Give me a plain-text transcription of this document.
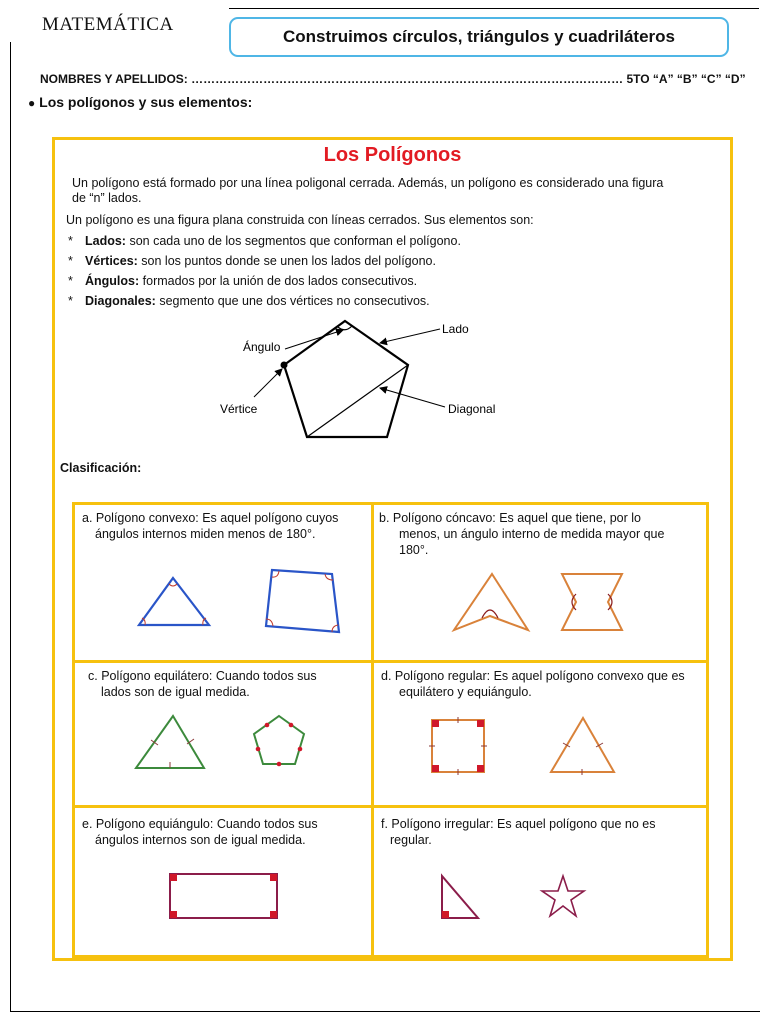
MATEMÁTICA
Construimos círculos, triángulos y cuadriláteros
NOMBRES Y APELLIDOS: ……………………………………………………………………………………………… 5TO “A” “B” “C” “D”
● Los polígonos y sus elementos:
Los Polígonos
Un polígono está formado por una línea poligonal cerrada. Además, un polígono es considerado una figura
de “n” lados.
Un polígono es una figura plana construida con líneas cerrados. Sus elementos son:
* Lados: son cada uno de los segmentos que conforman el polígono.
* Vértices: son los puntos donde se unen los lados del polígono.
* Ángulos: formados por la unión de dos lados consecutivos.
* Diagonales: segmento que une dos vértices no consecutivos.
Ángulo
Lado
Vértice	Diagonal
Clasificación:
a. Polígono convexo: Es aquel polígono cuyos
ángulos internos miden menos de 180°.
b. Polígono cóncavo: Es aquel que tiene, por lo
menos, un ángulo interno de medida mayor que
180°.
c. Polígono equilátero: Cuando todos sus
lados son de igual medida.
d. Polígono regular: Es aquel polígono convexo que es
equilátero y equiángulo.
e. Polígono equiángulo: Cuando todos sus
ángulos internos son de igual medida.
f. Polígono irregular: Es aquel polígono que no es
regular.
